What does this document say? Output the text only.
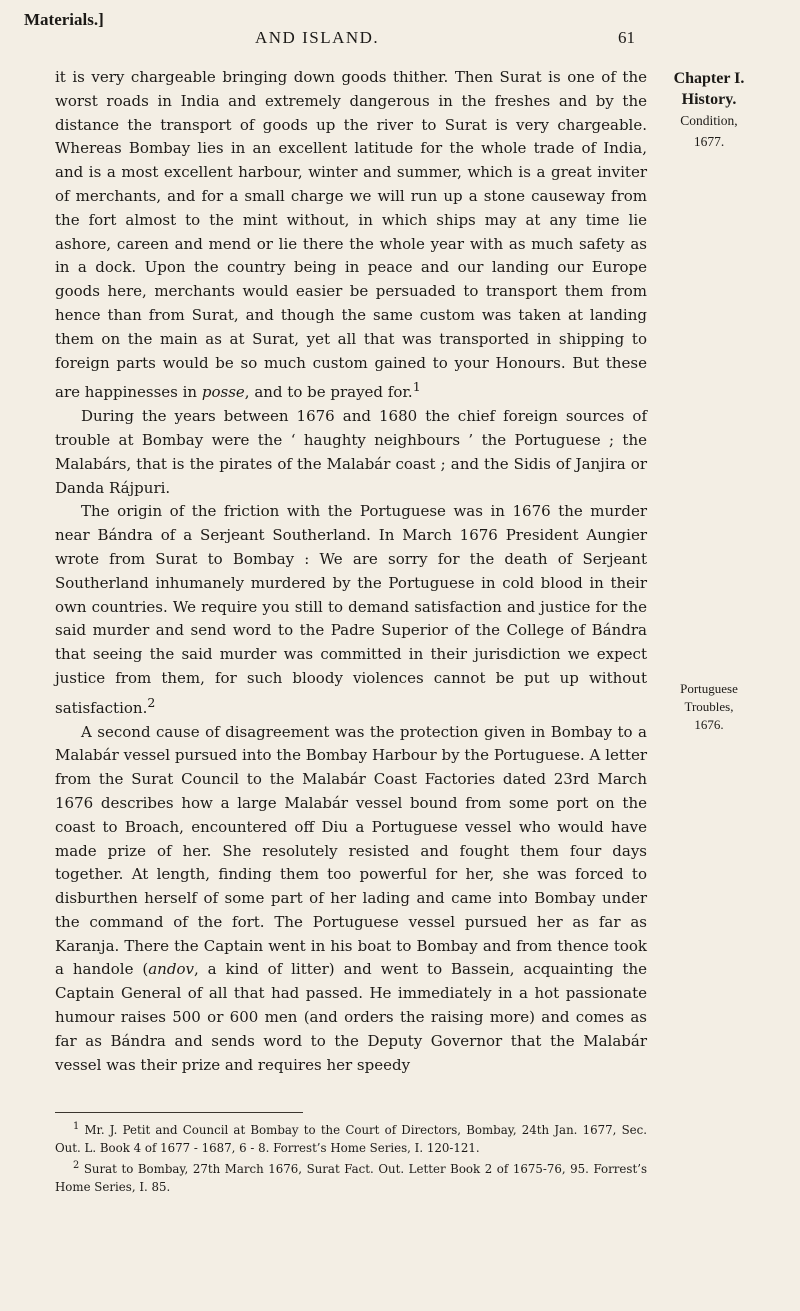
Materials.]
AND ISLAND.	61
Chapter I.
History.
Condition,
1677.
Portuguese
Troubles,
1676.

it is very chargeable bringing down goods thither. Then Surat is one of the worst roads in India and extremely dangerous in the freshes and by the distance the transport of goods up the river to Surat is very chargeable. Whereas Bombay lies in an excellent latitude for the whole trade of India, and is a most excellent harbour, winter and summer, which is a great inviter of merchants, and for a small charge we will run up a stone causeway from the fort almost to the mint without, in which ships may at any time lie ashore, careen and mend or lie there the whole year with as much safety as in a dock. Upon the country being in peace and our landing our Europe goods here, merchants would easier be persuaded to transport them from hence than from Surat, and though the same custom was taken at landing them on the main as at Surat, yet all that was transported in shipping to foreign parts would be so much custom gained to your Honours. But these are happinesses in posse, and to be prayed for.$^1$

During the years between 1676 and 1680 the chief foreign sources of trouble at Bombay were the ‘ haughty neighbours ’ the Portuguese ; the Malabárs, that is the pirates of the Malabár coast ; and the Sidis of Janjira or Danda Rájpuri.

The origin of the friction with the Portuguese was in 1676 the murder near Bándra of a Serjeant Southerland. In March 1676 President Aungier wrote from Surat to Bombay : We are sorry for the death of Serjeant Southerland inhumanely murdered by the Portuguese in cold blood in their own countries. We require you still to demand satisfaction and justice for the said murder and send word to the Padre Superior of the College of Bándra that seeing the said murder was committed in their jurisdiction we expect justice from them, for such bloody violences cannot be put up without satisfaction.$^2$

A second cause of disagreement was the protection given in Bombay to a Malabár vessel pursued into the Bombay Harbour by the Portuguese. A letter from the Surat Council to the Malabár Coast Factories dated 23rd March 1676 describes how a large Malabár vessel bound from some port on the coast to Broach, encountered off Diu a Portuguese vessel who would have made prize of her. She resolutely resisted and fought them four days together. At length, finding them too powerful for her, she was forced to disburthen herself of some part of her lading and came into Bombay under the command of the fort. The Portuguese vessel pursued her as far as Karanja. There the Captain went in his boat to Bombay and from thence took a handole (andov, a kind of litter) and went to Bassein, acquainting the Captain General of all that had passed. He immediately in a hot passionate humour raises 500 or 600 men (and orders the raising more) and comes as far as Bándra and sends word to the Deputy Governor that the Malabár vessel was their prize and requires her speedy

$^1$ Mr. J. Petit and Council at Bombay to the Court of Directors, Bombay, 24th Jan. 1677, Sec. Out. L. Book 4 of 1677 - 1687, 6 - 8. Forrest’s Home Series, I. 120-121.

$^2$ Surat to Bombay, 27th March 1676, Surat Fact. Out. Letter Book 2 of 1675-76, 95. Forrest’s Home Series, I. 85.
